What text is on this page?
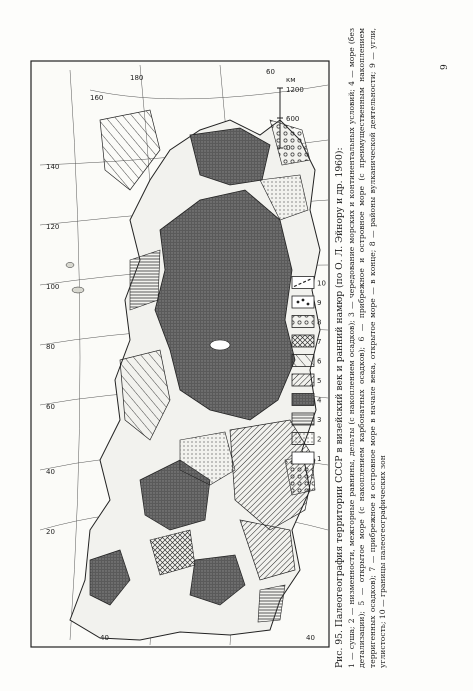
9
20
40
60
80
100
120
140
160
180
60
40	40
0
600
1200
км
1
2
3
4
5
6
7
8
9
10 Рис. 95. Палеогеография территории СССР в визейский век и ранний намюр (по О. Л. Эйнору и др. 1960): 1 — суша; 2 — низменности, межгорные равнины, дельты (с накоплением осадков); 3 — чередование морских и континентальных условий; 4 — море (без детализации); 5 — открытое море (с накоплением карбонатных осадков); 6 — прибрежное и островное море (с преимущественным накоплением терригенных осадков); 7 — прибрежное и островное море в начале века, открытое море — в конце; 8 — районы вулканической деятельности; 9 — угли, углистость; 10 — границы палеогеографических зон
